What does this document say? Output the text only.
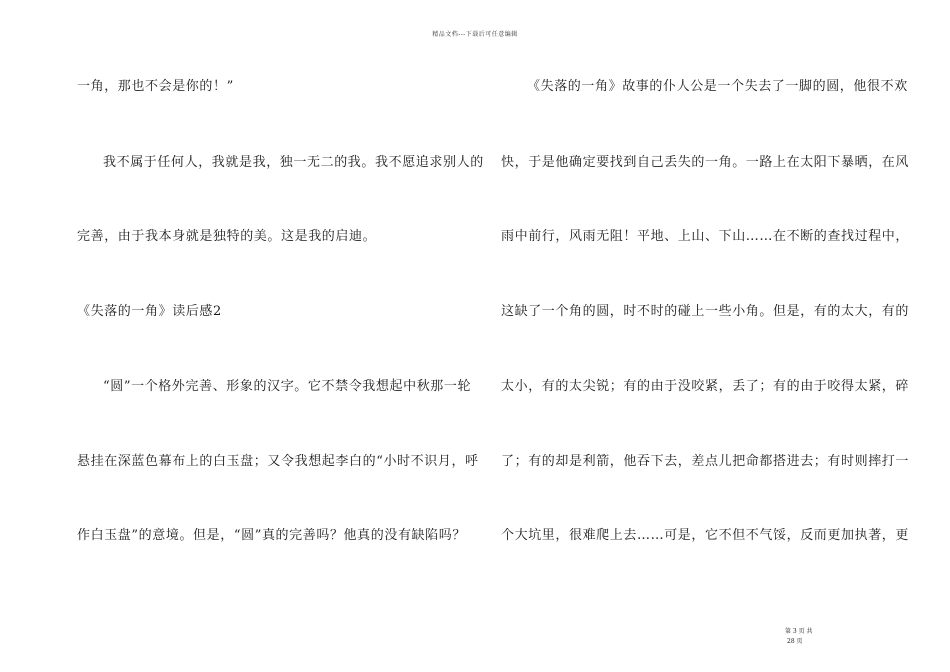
精品文档---下载后可任意编辑
一角，那也不会是你的！”
我不属于任何人，我就是我，独一无二的我。我不愿追求别人的
完善，由于我本身就是独特的美。这是我的启迪。
《失落的一角》读后感2
“圆”一个格外完善、形象的汉字。它不禁令我想起中秋那一轮
悬挂在深蓝色幕布上的白玉盘；又令我想起李白的“小时不识月，呼
作白玉盘”的意境。但是，“圆”真的完善吗？他真的没有缺陷吗？
《失落的一角》故事的仆人公是一个失去了一脚的圆，他很不欢
快，于是他确定要找到自己丢失的一角。一路上在太阳下暴晒，在风
雨中前行，风雨无阻！平地、上山、下山……在不断的查找过程中，
这缺了一个角的圆，时不时的碰上一些小角。但是，有的太大，有的
太小，有的太尖锐；有的由于没咬紧，丢了；有的由于咬得太紧，碎
了；有的却是利箭，他吞下去，差点儿把命都搭进去；有时则摔打一
个大坑里，很难爬上去……可是，它不但不气馁，反而更加执著，更
第 3 页 共
28 页
